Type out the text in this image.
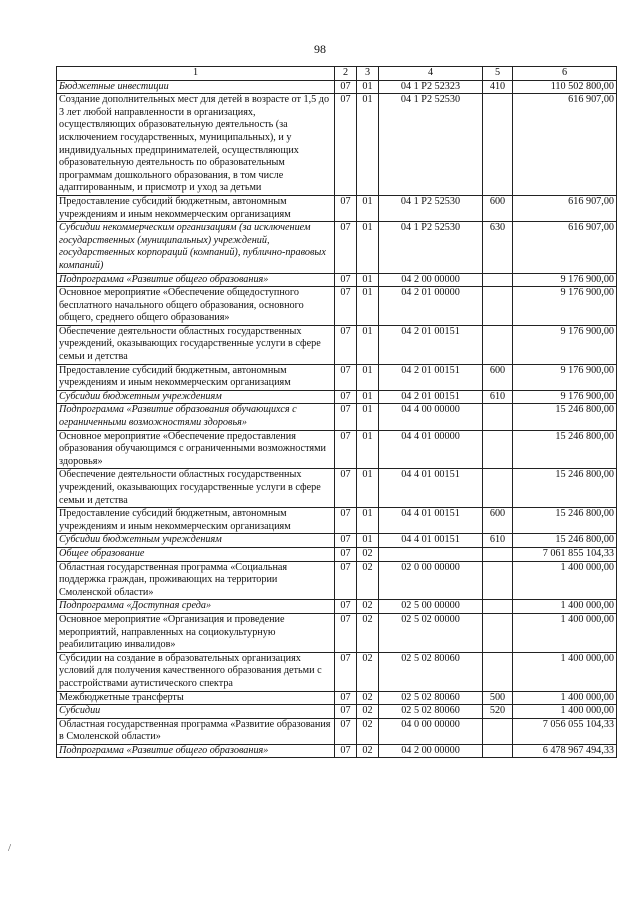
98
/
1	2	3	4	5	6
Бюджетные инвестиции	07	01	04 1 P2 52323	410	110 502 800,00
Создание дополнительных мест для детей в возрасте от 1,5 до 3 лет любой направленности в организациях, осуществляющих образовательную деятельность (за исключением государственных, муниципальных), и у индивидуальных предпринимателей, осуществляющих образовательную деятельность по образовательным программам дошкольного образования, в том числе адаптированным, и присмотр и уход за детьми	07	01	04 1 P2 52530		616 907,00
Предоставление субсидий бюджетным, автономным учреждениям и иным некоммерческим организациям	07	01	04 1 P2 52530	600	616 907,00
Субсидии некоммерческим организациям (за исключением государственных (муниципальных) учреждений, государственных корпораций (компаний), публично-правовых компаний)	07	01	04 1 P2 52530	630	616 907,00
Подпрограмма «Развитие общего образования»	07	01	04 2 00 00000		9 176 900,00
Основное мероприятие «Обеспечение общедоступного бесплатного начального общего образования, основного общего, среднего общего образования»	07	01	04 2 01 00000		9 176 900,00
Обеспечение деятельности областных государственных учреждений, оказывающих государственные услуги в сфере семьи и детства	07	01	04 2 01 00151		9 176 900,00
Предоставление субсидий бюджетным, автономным учреждениям и иным некоммерческим организациям	07	01	04 2 01 00151	600	9 176 900,00
Субсидии бюджетным учреждениям	07	01	04 2 01 00151	610	9 176 900,00
Подпрограмма «Развитие образования обучающихся с ограниченными возможностями здоровья»	07	01	04 4 00 00000		15 246 800,00
Основное мероприятие «Обеспечение предоставления образования обучающимся с ограниченными возможностями здоровья»	07	01	04 4 01 00000		15 246 800,00
Обеспечение деятельности областных государственных учреждений, оказывающих государственные услуги в сфере семьи и детства	07	01	04 4 01 00151		15 246 800,00
Предоставление субсидий бюджетным, автономным учреждениям и иным некоммерческим организациям	07	01	04 4 01 00151	600	15 246 800,00
Субсидии бюджетным учреждениям	07	01	04 4 01 00151	610	15 246 800,00
Общее образование	07	02			7 061 855 104,33
Областная государственная программа «Социальная поддержка граждан, проживающих на территории Смоленской области»	07	02	02 0 00 00000		1 400 000,00
Подпрограмма «Доступная среда»	07	02	02 5 00 00000		1 400 000,00
Основное мероприятие «Организация и проведение мероприятий, направленных на социокультурную реабилитацию инвалидов»	07	02	02 5 02 00000		1 400 000,00
Субсидии на создание в образовательных организациях условий для получения качественного образования детьми с расстройствами аутистического спектра	07	02	02 5 02 80060		1 400 000,00
Межбюджетные трансферты	07	02	02 5 02 80060	500	1 400 000,00
Субсидии	07	02	02 5 02 80060	520	1 400 000,00
Областная государственная программа «Развитие образования в Смоленской области»	07	02	04 0 00 00000		7 056 055 104,33
Подпрограмма «Развитие общего образования»	07	02	04 2 00 00000		6 478 967 494,33
